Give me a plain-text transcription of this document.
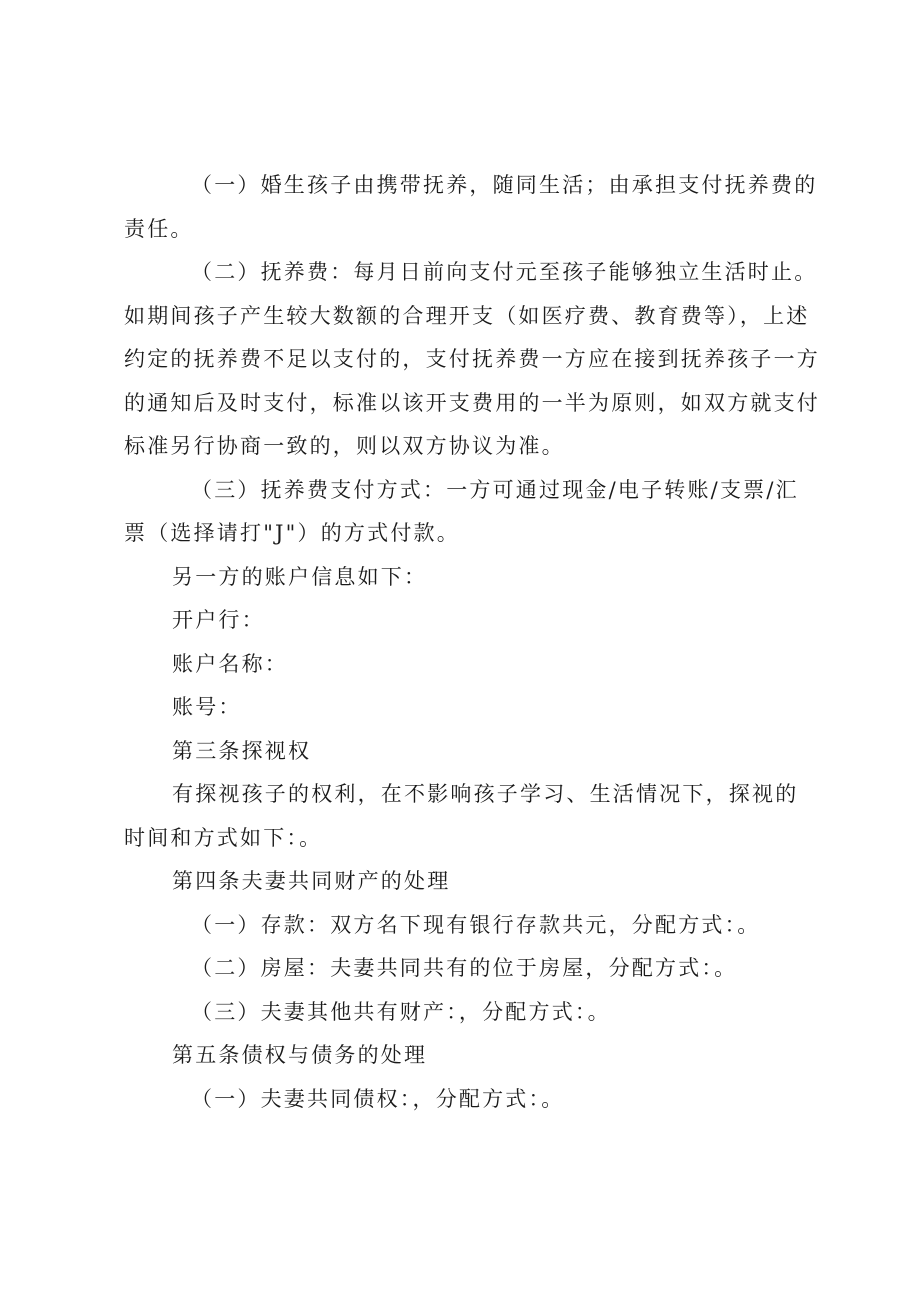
（一）婚生孩子由携带抚养，随同生活；由承担支付抚养费的
责任。
（二）抚养费：每月日前向支付元至孩子能够独立生活时止。
如期间孩子产生较大数额的合理开支（如医疗费、教育费等），上述
约定的抚养费不足以支付的，支付抚养费一方应在接到抚养孩子一方
的通知后及时支付，标准以该开支费用的一半为原则，如双方就支付
标准另行协商一致的，则以双方协议为准。
（三）抚养费支付方式：一方可通过现金/电子转账/支票/汇
票（选择请打"J"）的方式付款。
另一方的账户信息如下：
开户行：
账户名称：
账号：
第三条探视权
有探视孩子的权利，在不影响孩子学习、生活情况下，探视的
时间和方式如下：。
第四条夫妻共同财产的处理
（一）存款：双方名下现有银行存款共元，分配方式：。
（二）房屋：夫妻共同共有的位于房屋，分配方式：。
（三）夫妻其他共有财产：，分配方式：。
第五条债权与债务的处理
（一）夫妻共同债权：，分配方式：。
